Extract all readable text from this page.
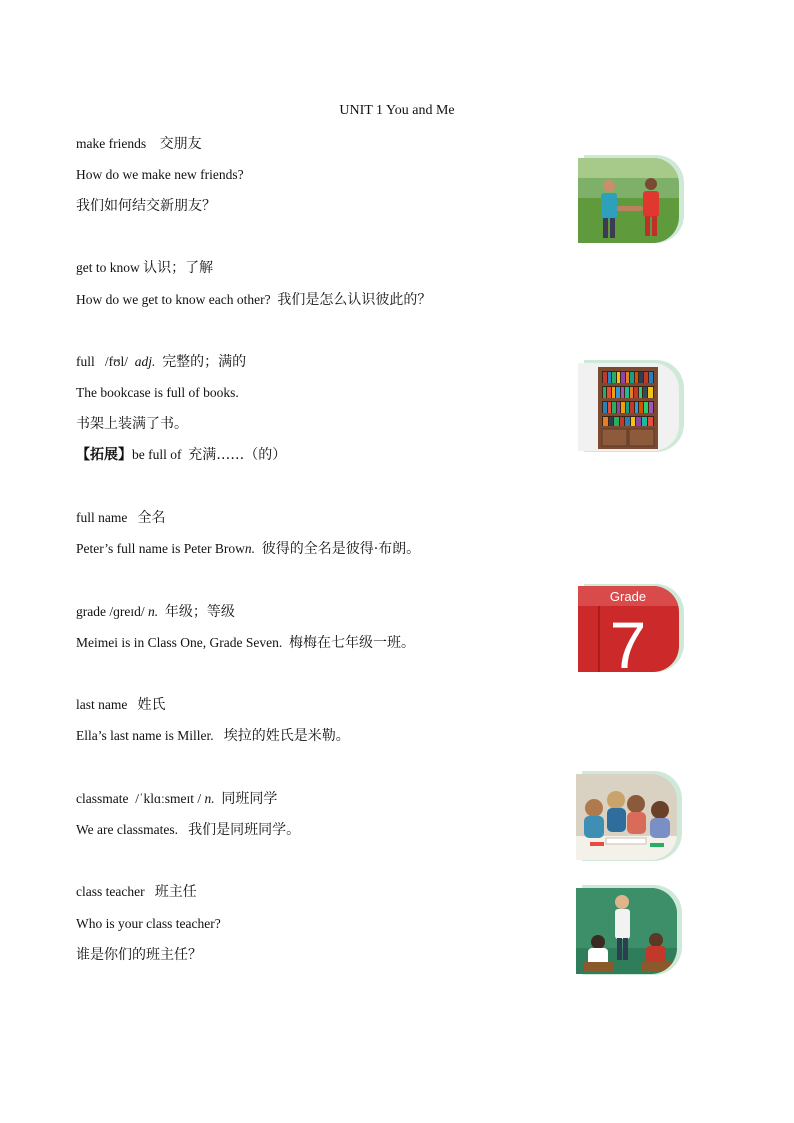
UNIT 1 You and Me
make friends 交朋友
How do we make new friends?
我们如何结交新朋友？
get to know 认识；了解
How do we get to know each other? 我们是怎么认识彼此的？
full /fʊl/ adj. 完整的；满的
The bookcase is full of books.
书架上装满了书。
【拓展】be full of 充满……（的）
full name 全名
Peter’s full name is Peter Brown. 彼得的全名是彼得·布朗。
grade /ɡreɪd/ n. 年级；等级
Meimei is in Class One, Grade Seven. 梅梅在七年级一班。
last name 姓氏
Ella’s last name is Miller. 埃拉的姓氏是米勒。
classmate /ˈklɑːsmeɪt / n. 同班同学
We are classmates. 我们是同班同学。
class teacher 班主任
Who is your class teacher?
谁是你们的班主任？
Grade
7
